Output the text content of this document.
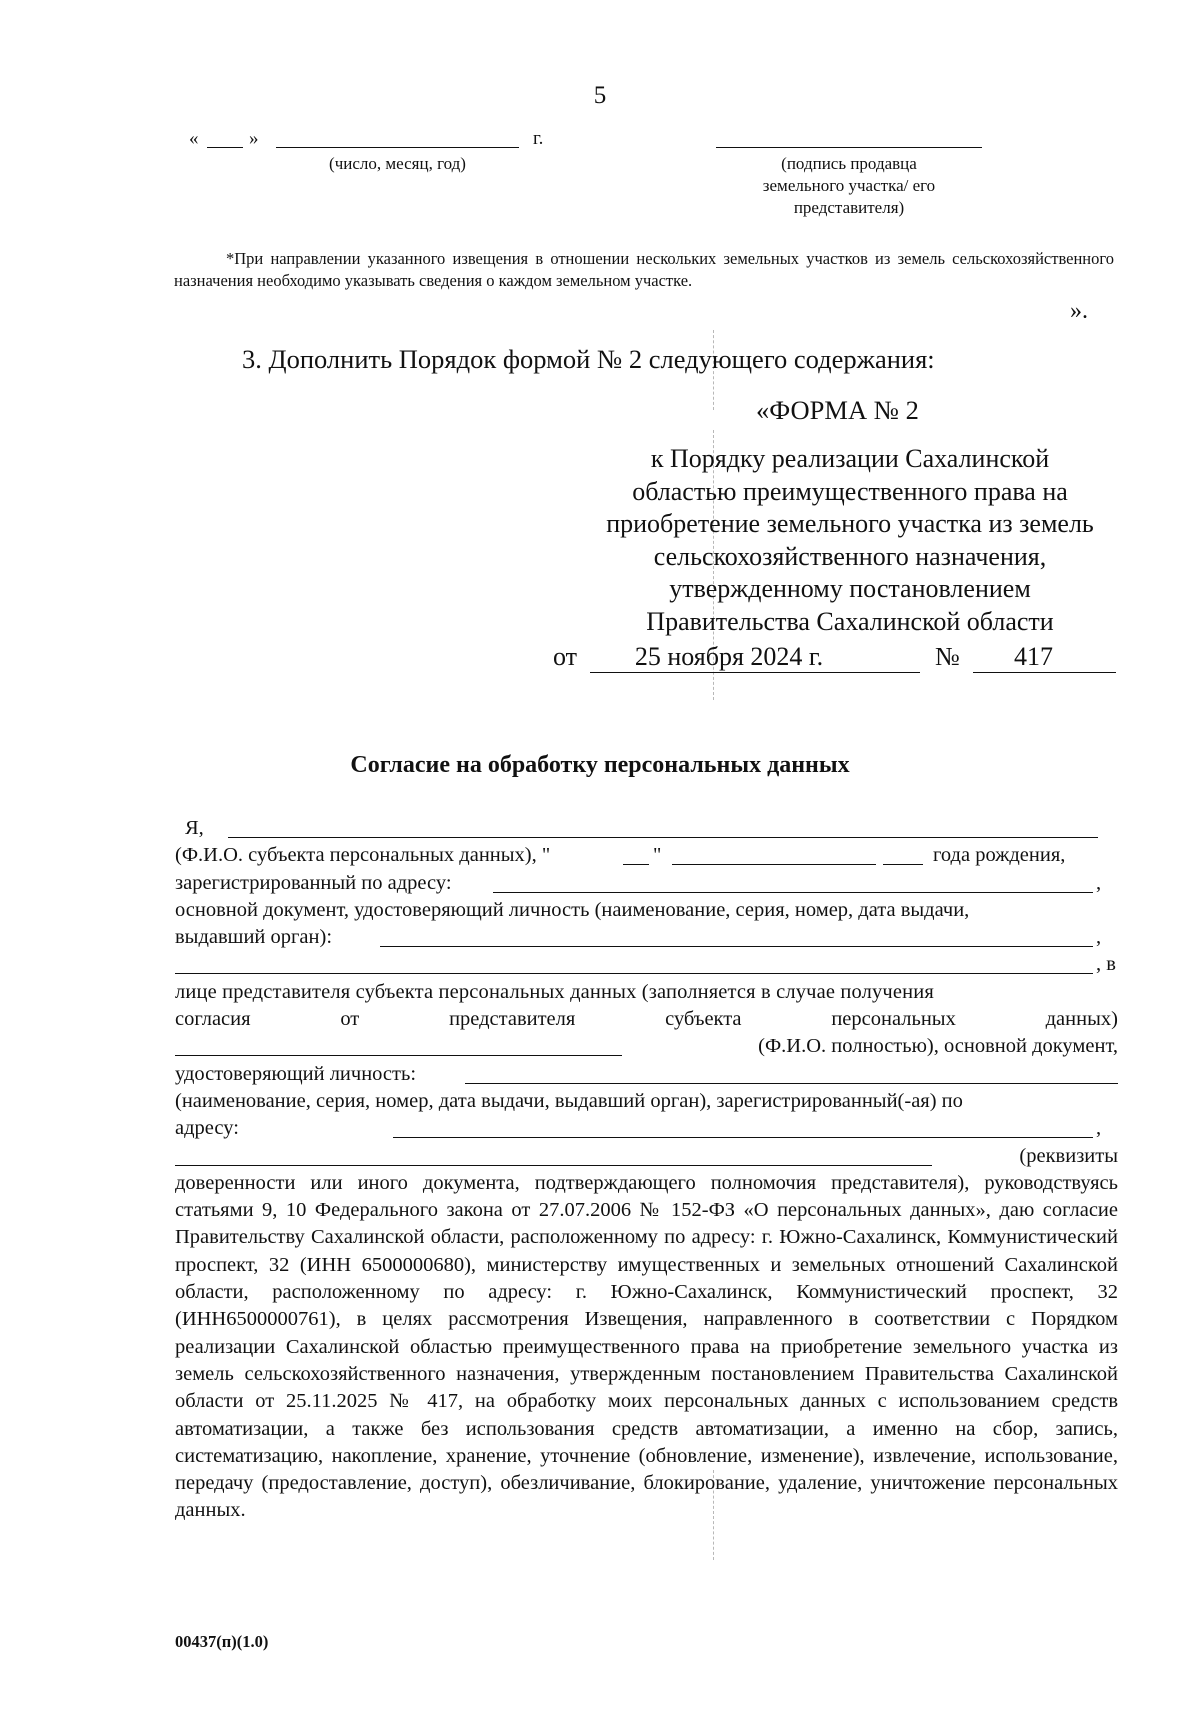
5
«	»	г.
(число, месяц, год)	(подпись продавца
земельного участка/ его
представителя)
*При направлении указанного извещения в отношении нескольких земельных участков из земель сельскохозяйственного назначения необходимо указывать сведения о каждом земельном участке.
».
3. Дополнить Порядок формой № 2 следующего содержания:
«ФОРМА № 2
к Порядку реализации Сахалинской
областью преимущественного права на
приобретение земельного участка из земель
сельскохозяйственного назначения,
утвержденному постановлением
Правительства Сахалинской области
от	25 ноября 2024 г.	№	417
Согласие на обработку персональных данных
Я,
(Ф.И.О. субъекта персональных данных), "	"	года рождения,
зарегистрированный по адресу:	,
основной документ, удостоверяющий личность (наименование, серия, номер, дата выдачи,
выдавший орган):	,
, в
лице представителя субъекта персональных данных (заполняется в случае получения
согласия	от	представителя	субъекта	персональных	данных)
(Ф.И.О. полностью), основной документ,
удостоверяющий личность:
(наименование, серия, номер, дата выдачи, выдавший орган), зарегистрированный(-ая) по
адресу:	,
(реквизиты
доверенности или иного документа, подтверждающего полномочия представителя), руководствуясь статьями 9, 10 Федерального закона от 27.07.2006 № 152-ФЗ «О персональных данных», даю согласие Правительству Сахалинской области, расположенному по адресу: г. Южно-Сахалинск, Коммунистический проспект, 32 (ИНН 6500000680), министерству имущественных и земельных отношений Сахалинской области, расположенному по адресу: г. Южно-Сахалинск, Коммунистический проспект, 32 (ИНН6500000761), в целях рассмотрения Извещения, направленного в соответствии с Порядком реализации Сахалинской областью преимущественного права на приобретение земельного участка из земель сельскохозяйственного назначения, утвержденным постановлением Правительства Сахалинской области от 25.11.2025 № 417, на обработку моих персональных данных с использованием средств автоматизации, а также без использования средств автоматизации, а именно на сбор, запись, систематизацию, накопление, хранение, уточнение (обновление, изменение), извлечение, использование, передачу (предоставление, доступ), обезличивание, блокирование, удаление, уничтожение персональных данных.
00437(п)(1.0)
